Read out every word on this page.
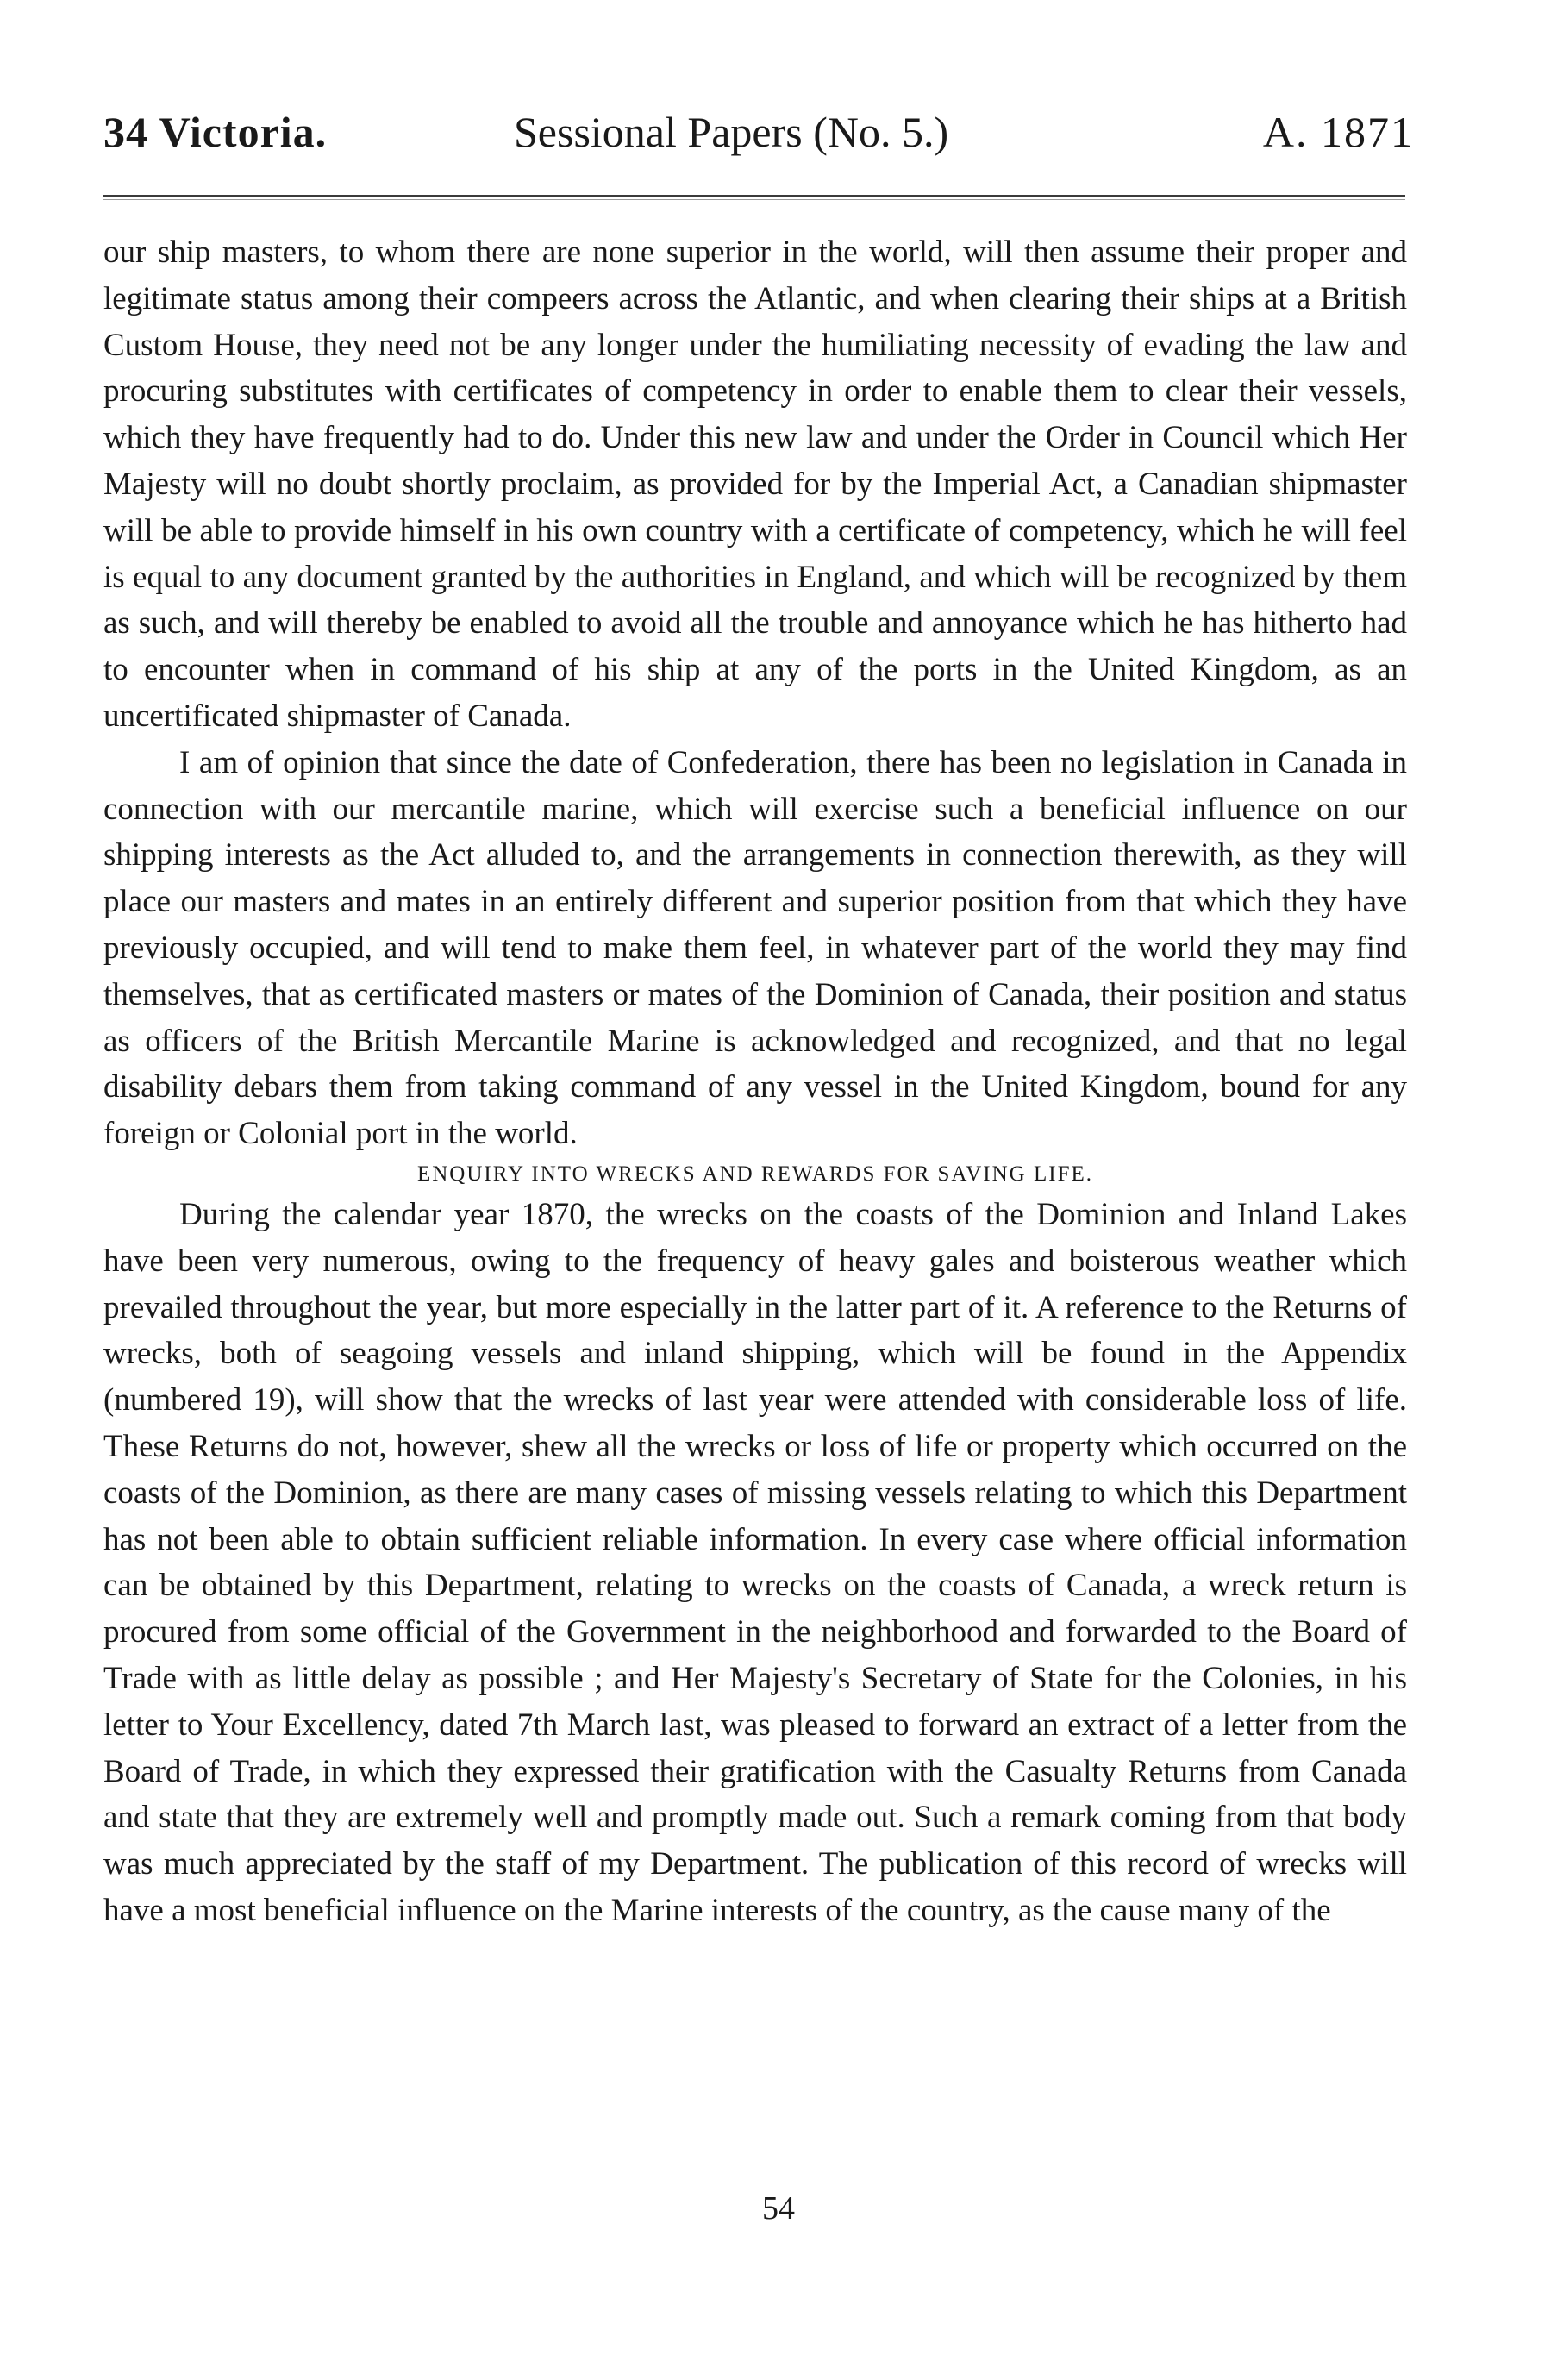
34 Victoria.	Sessional Papers (No. 5.)	A. 1871

our ship masters, to whom there are none superior in the world, will then assume their proper and legitimate status among their compeers across the Atlantic, and when clearing their ships at a British Custom House, they need not be any longer under the humiliating necessity of evading the law and procuring substitutes with certificates of competency in order to enable them to clear their vessels, which they have frequently had to do. Under this new law and under the Order in Council which Her Majesty will no doubt shortly proclaim, as provided for by the Imperial Act, a Canadian shipmaster will be able to provide himself in his own country with a certificate of competency, which he will feel is equal to any document granted by the authorities in England, and which will be recognized by them as such, and will thereby be enabled to avoid all the trouble and annoyance which he has hitherto had to encounter when in command of his ship at any of the ports in the United Kingdom, as an uncertificated shipmaster of Canada.

I am of opinion that since the date of Confederation, there has been no legislation in Canada in connection with our mercantile marine, which will exercise such a beneficial influence on our shipping interests as the Act alluded to, and the arrangements in connection therewith, as they will place our masters and mates in an entirely different and superior position from that which they have previously occupied, and will tend to make them feel, in whatever part of the world they may find themselves, that as certificated masters or mates of the Dominion of Canada, their position and status as officers of the British Mercantile Marine is acknowledged and recognized, and that no legal disability debars them from taking command of any vessel in the United Kingdom, bound for any foreign or Colonial port in the world.

ENQUIRY INTO WRECKS AND REWARDS FOR SAVING LIFE.

During the calendar year 1870, the wrecks on the coasts of the Dominion and Inland Lakes have been very numerous, owing to the frequency of heavy gales and boisterous weather which prevailed throughout the year, but more especially in the latter part of it. A reference to the Returns of wrecks, both of seagoing vessels and inland shipping, which will be found in the Appendix (numbered 19), will show that the wrecks of last year were attended with considerable loss of life. These Returns do not, however, shew all the wrecks or loss of life or property which occurred on the coasts of the Dominion, as there are many cases of missing vessels relating to which this Department has not been able to obtain sufficient reliable information. In every case where official information can be obtained by this Department, relating to wrecks on the coasts of Canada, a wreck return is procured from some official of the Government in the neighborhood and forwarded to the Board of Trade with as little delay as possible ; and Her Majesty's Secretary of State for the Colonies, in his letter to Your Excellency, dated 7th March last, was pleased to forward an extract of a letter from the Board of Trade, in which they expressed their gratification with the Casualty Returns from Canada and state that they are extremely well and promptly made out. Such a remark coming from that body was much appreciated by the staff of my Department. The publication of this record of wrecks will have a most beneficial influence on the Marine interests of the country, as the cause many of the

54
